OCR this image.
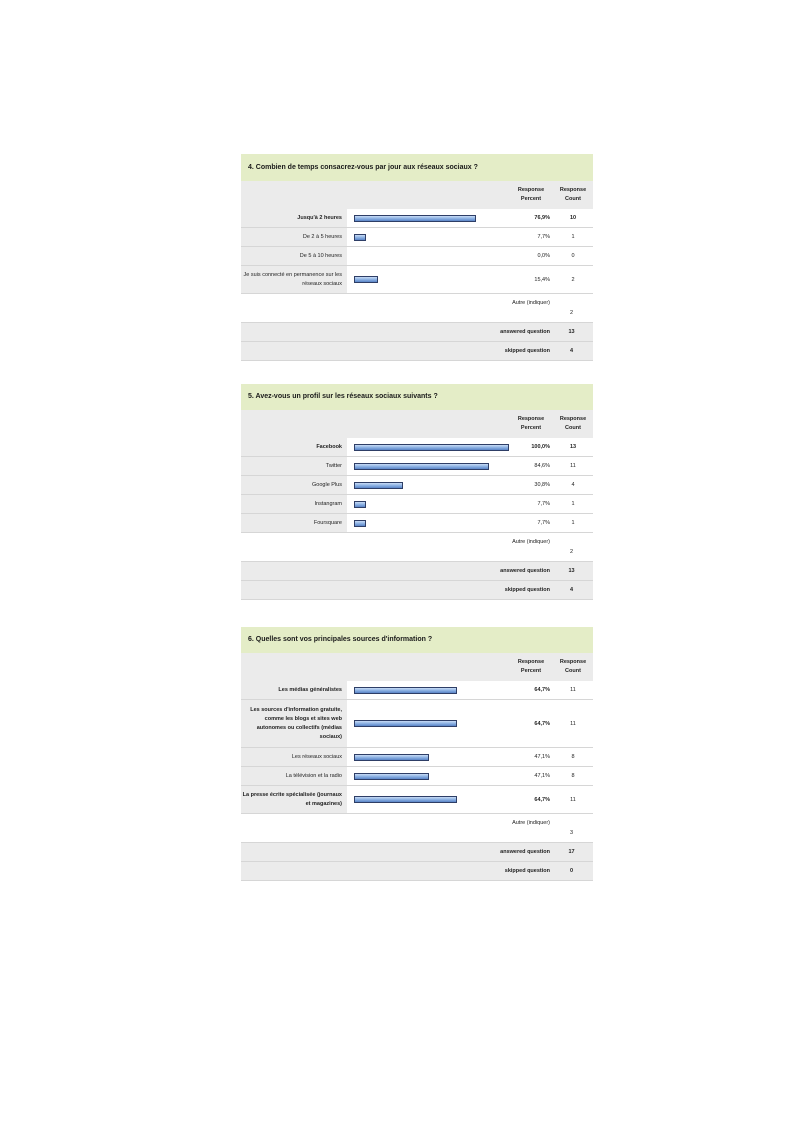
4. Combien de temps consacrez-vous par jour aux réseaux sociaux ?
Response
Percent
Response
Count
Jusqu'à 2 heures	76,9%	10
De 2 à 5 heures	7,7%	1
De 5 à 10 heures	0,0%	0
Je suis connecté en permanence sur les réseaux sociaux
15,4%	2
Autre (indiquer)
2
answered question	13
skipped question	4
5. Avez-vous un profil sur les réseaux sociaux suivants ?
Response
Percent
Response
Count
Facebook	100,0%	13
Twitter	84,6%	11
Google Plus	30,8%	4
Instangram	7,7%	1
Foursquare	7,7%	1
Autre (indiquer)
2
answered question	13
skipped question	4
6. Quelles sont vos principales sources d'information ?
Response
Percent
Response
Count
Les médias généralistes	64,7%	11
Les sources d'information gratuite, comme les blogs et sites web autonomes ou collectifs (médias sociaux)
64,7%	11
Les réseaux sociaux	47,1%	8
La télévision et la radio	47,1%	8
La presse écrite spécialisée (journaux et magazines)
64,7%	11
Autre (indiquer)
3
answered question	17
skipped question	0
